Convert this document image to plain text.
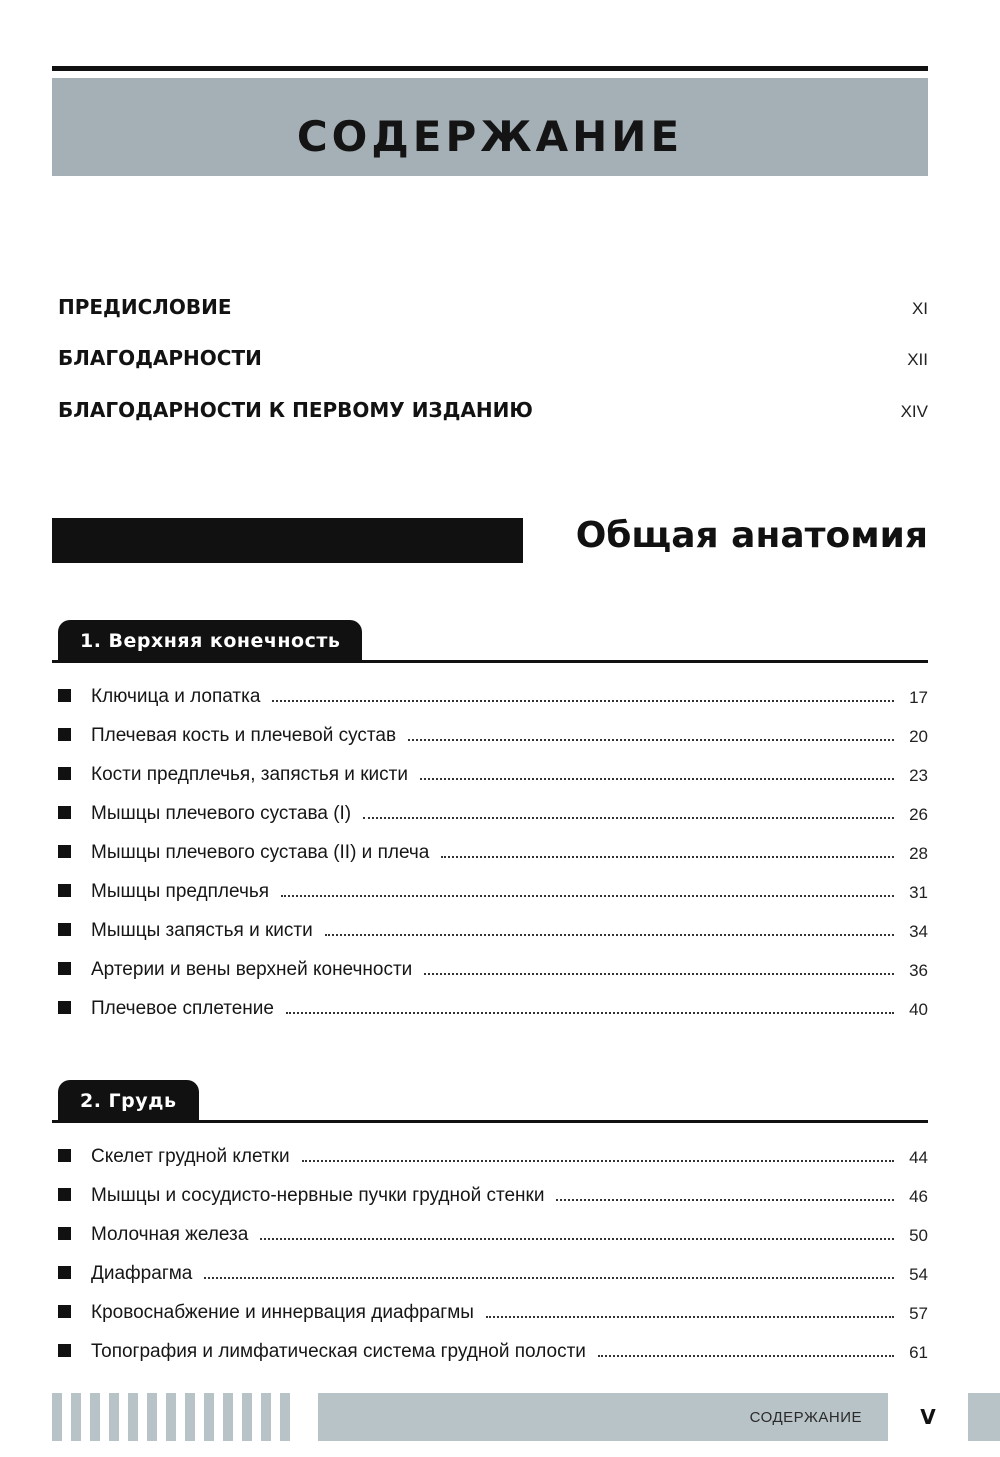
СОДЕРЖАНИЕ
ПРЕДИСЛОВИЕ	XI
БЛАГОДАРНОСТИ	XII
БЛАГОДАРНОСТИ К ПЕРВОМУ ИЗДАНИЮ	XIV
Общая анатомия
1. Верхняя конечность
Ключица и лопатка	17
Плечевая кость и плечевой сустав	20
Кости предплечья, запястья и кисти	23
Мышцы плечевого сустава (I)	26
Мышцы плечевого сустава (II) и плеча	28
Мышцы предплечья	31
Мышцы запястья и кисти	34
Артерии и вены верхней конечности	36
Плечевое сплетение	40
2. Грудь
Скелет грудной клетки	44
Мышцы и сосудисто-нервные пучки грудной стенки	46
Молочная железа	50
Диафрагма	54
Кровоснабжение и иннервация диафрагмы	57
Топография и лимфатическая система грудной полости	61
СОДЕРЖАНИЕ	V
